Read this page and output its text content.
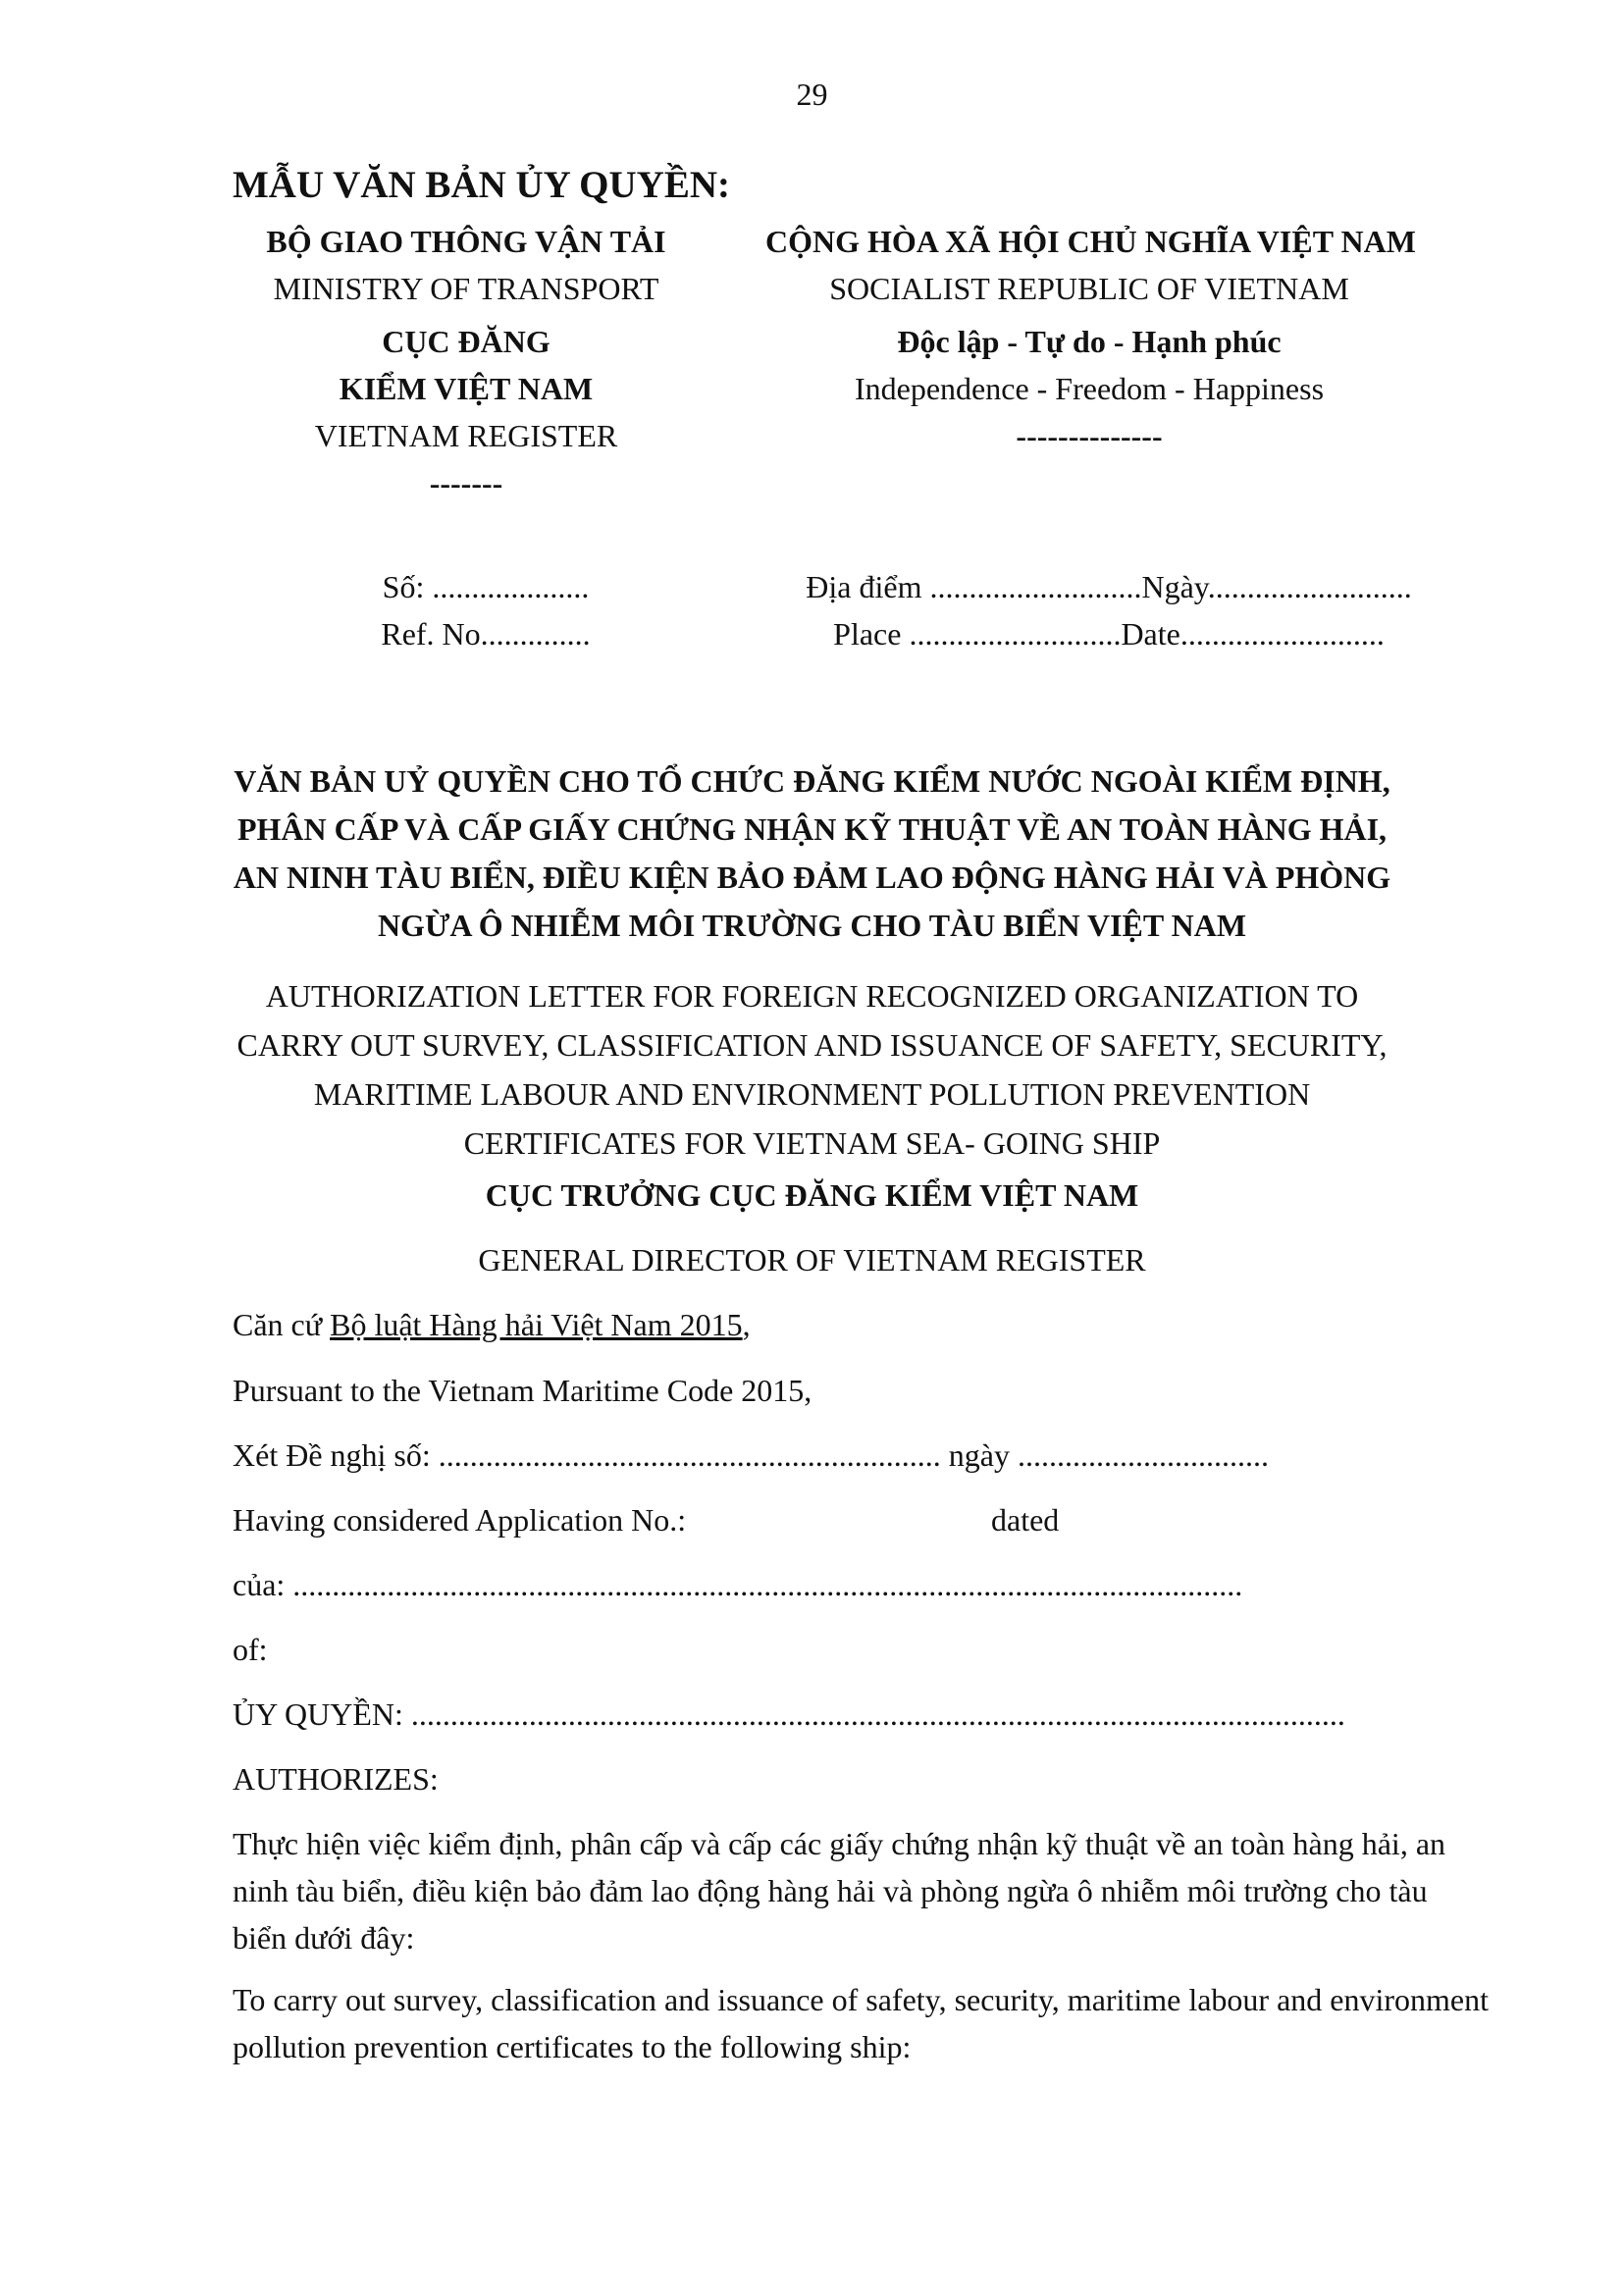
29
MẪU VĂN BẢN ỦY QUYỀN:
BỘ GIAO THÔNG VẬN TẢI
MINISTRY OF TRANSPORT
CỤC ĐĂNG KIỂM VIỆT NAM
VIETNAM REGISTER
-------
CỘNG HÒA XÃ HỘI CHỦ NGHĨA VIỆT NAM
SOCIALIST REPUBLIC OF VIETNAM
Độc lập - Tự do - Hạnh phúc
Independence - Freedom - Happiness
--------------
Số: ....................
Ref. No..............
Địa điểm ...........................Ngày..........................
Place ...........................Date..........................
VĂN BẢN UỶ QUYỀN CHO TỔ CHỨC ĐĂNG KIỂM NƯỚC NGOÀI KIỂM ĐỊNH,
PHÂN CẤP VÀ CẤP GIẤY CHỨNG NHẬN KỸ THUẬT VỀ AN TOÀN HÀNG HẢI,
AN NINH TÀU BIỂN, ĐIỀU KIỆN BẢO ĐẢM LAO ĐỘNG HÀNG HẢI VÀ PHÒNG
NGỪA Ô NHIỄM MÔI TRƯỜNG CHO TÀU BIỂN VIỆT NAM
AUTHORIZATION LETTER FOR FOREIGN RECOGNIZED ORGANIZATION TO
CARRY OUT SURVEY, CLASSIFICATION AND ISSUANCE OF SAFETY, SECURITY,
MARITIME LABOUR AND ENVIRONMENT POLLUTION PREVENTION
CERTIFICATES FOR VIETNAM SEA- GOING SHIP
CỤC TRƯỞNG CỤC ĐĂNG KIỂM VIỆT NAM
GENERAL DIRECTOR OF VIETNAM REGISTER
Căn cứ Bộ luật Hàng hải Việt Nam 2015,
Pursuant to the Vietnam Maritime Code 2015,
Xét Đề nghị số: ................................................................ ngày ................................
Having considered Application No.:	dated
của: .........................................................................................................................
of:
ỦY QUYỀN: .......................................................................................................................
AUTHORIZES:
Thực hiện việc kiểm định, phân cấp và cấp các giấy chứng nhận kỹ thuật về an toàn hàng hải, an ninh tàu biển, điều kiện bảo đảm lao động hàng hải và phòng ngừa ô nhiễm môi trường cho tàu biển dưới đây:
To carry out survey, classification and issuance of safety, security, maritime labour and environment pollution prevention certificates to the following ship:
